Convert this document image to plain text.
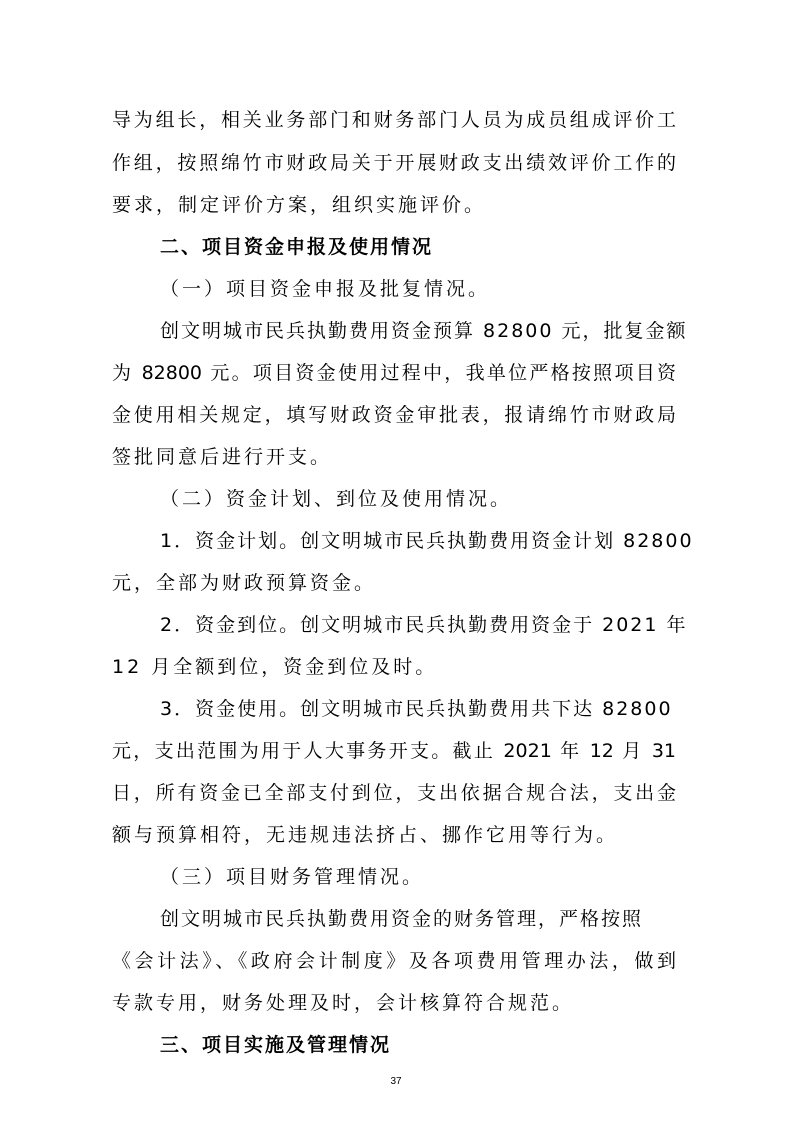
导为组长，相关业务部门和财务部门人员为成员组成评价工
作组，按照绵竹市财政局关于开展财政支出绩效评价工作的
要求，制定评价方案，组织实施评价。
二、项目资金申报及使用情况
（一）项目资金申报及批复情况。
创文明城市民兵执勤费用资金预算 82800 元，批复金额
为 82800 元。项目资金使用过程中，我单位严格按照项目资
金使用相关规定，填写财政资金审批表，报请绵竹市财政局
签批同意后进行开支。
（二）资金计划、到位及使用情况。
1．资金计划。创文明城市民兵执勤费用资金计划 82800
元，全部为财政预算资金。
2．资金到位。创文明城市民兵执勤费用资金于 2021 年
12 月全额到位，资金到位及时。
3．资金使用。创文明城市民兵执勤费用共下达 82800
元，支出范围为用于人大事务开支。截止 2021 年 12 月 31
日，所有资金已全部支付到位，支出依据合规合法，支出金
额与预算相符，无违规违法挤占、挪作它用等行为。
（三）项目财务管理情况。
创文明城市民兵执勤费用资金的财务管理，严格按照
《会计法》、《政府会计制度》及各项费用管理办法，做到
专款专用，财务处理及时，会计核算符合规范。
三、项目实施及管理情况
37
